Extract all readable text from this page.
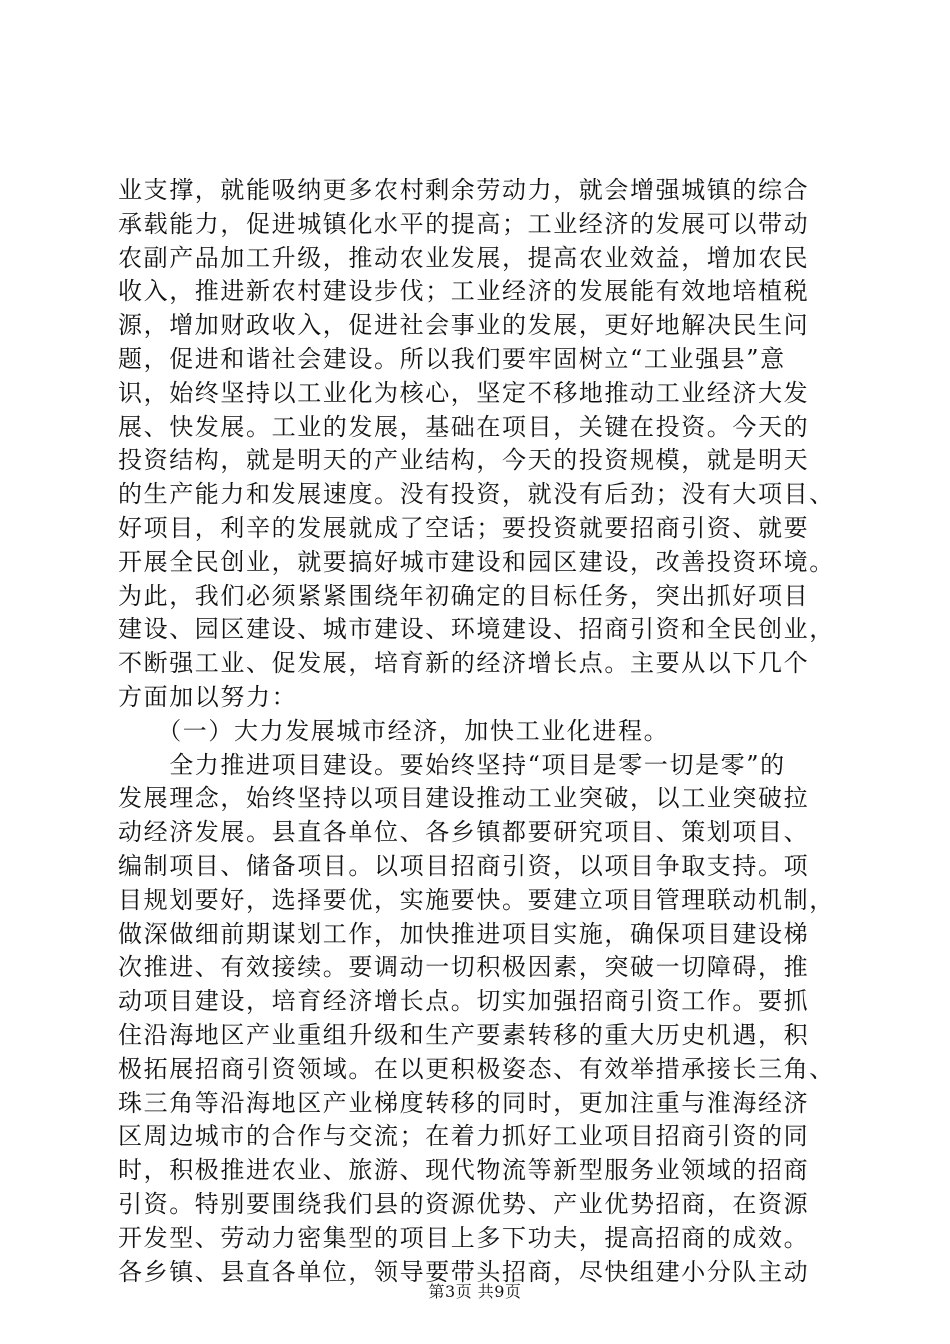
业支撑，就能吸纳更多农村剩余劳动力，就会增强城镇的综合
承载能力，促进城镇化水平的提高；工业经济的发展可以带动
农副产品加工升级，推动农业发展，提高农业效益，增加农民
收入，推进新农村建设步伐；工业经济的发展能有效地培植税
源，增加财政收入，促进社会事业的发展，更好地解决民生问
题，促进和谐社会建设。所以我们要牢固树立“工业强县”意
识，始终坚持以工业化为核心，坚定不移地推动工业经济大发
展、快发展。工业的发展，基础在项目，关键在投资。今天的
投资结构，就是明天的产业结构，今天的投资规模，就是明天
的生产能力和发展速度。没有投资，就没有后劲；没有大项目、
好项目，利辛的发展就成了空话；要投资就要招商引资、就要
开展全民创业，就要搞好城市建设和园区建设，改善投资环境。
为此，我们必须紧紧围绕年初确定的目标任务，突出抓好项目
建设、园区建设、城市建设、环境建设、招商引资和全民创业，
不断强工业、促发展，培育新的经济增长点。主要从以下几个
方面加以努力：
　　（一）大力发展城市经济，加快工业化进程。
　　全力推进项目建设。要始终坚持“项目是零一切是零”的
发展理念，始终坚持以项目建设推动工业突破，以工业突破拉
动经济发展。县直各单位、各乡镇都要研究项目、策划项目、
编制项目、储备项目。以项目招商引资，以项目争取支持。项
目规划要好，选择要优，实施要快。要建立项目管理联动机制，
做深做细前期谋划工作，加快推进项目实施，确保项目建设梯
次推进、有效接续。要调动一切积极因素，突破一切障碍，推
动项目建设，培育经济增长点。切实加强招商引资工作。要抓
住沿海地区产业重组升级和生产要素转移的重大历史机遇，积
极拓展招商引资领域。在以更积极姿态、有效举措承接长三角、
珠三角等沿海地区产业梯度转移的同时，更加注重与淮海经济
区周边城市的合作与交流；在着力抓好工业项目招商引资的同
时，积极推进农业、旅游、现代物流等新型服务业领域的招商
引资。特别要围绕我们县的资源优势、产业优势招商，在资源
开发型、劳动力密集型的项目上多下功夫，提高招商的成效。
各乡镇、县直各单位，领导要带头招商，尽快组建小分队主动
第3页 共9页
